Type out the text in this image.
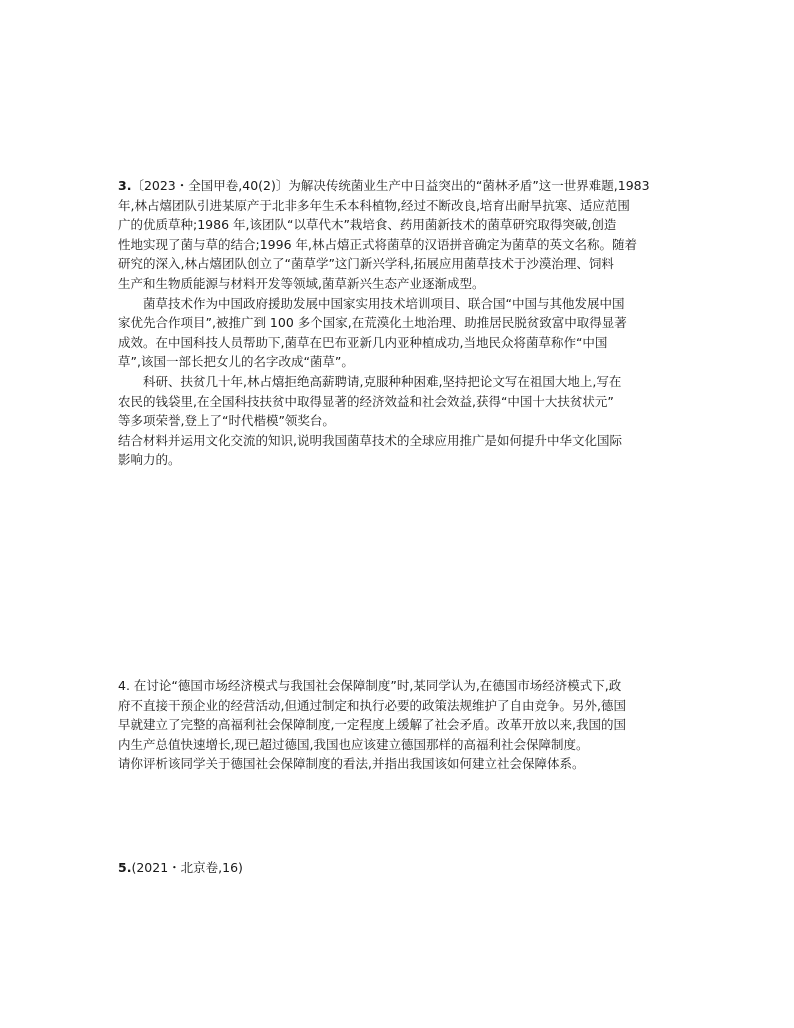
3.〔2023・全国甲卷,40(2)〕为解决传统菌业生产中日益突出的“菌林矛盾”这一世界难题,1983
年,林占熺团队引进某原产于北非多年生禾本科植物,经过不断改良,培育出耐旱抗寒、适应范围
广的优质草种;1986 年,该团队“以草代木”栽培食、药用菌新技术的菌草研究取得突破,创造
性地实现了菌与草的结合;1996 年,林占熺正式将菌草的汉语拼音确定为菌草的英文名称。随着
研究的深入,林占熺团队创立了“菌草学”这门新兴学科,拓展应用菌草技术于沙漠治理、饲料
生产和生物质能源与材料开发等领域,菌草新兴生态产业逐渐成型。
菌草技术作为中国政府援助发展中国家实用技术培训项目、联合国“中国与其他发展中国
家优先合作项目”,被推广到 100 多个国家,在荒漠化土地治理、助推居民脱贫致富中取得显著
成效。在中国科技人员帮助下,菌草在巴布亚新几内亚种植成功,当地民众将菌草称作“中国
草”,该国一部长把女儿的名字改成“菌草”。
科研、扶贫几十年,林占熺拒绝高薪聘请,克服种种困难,坚持把论文写在祖国大地上,写在
农民的钱袋里,在全国科技扶贫中取得显著的经济效益和社会效益,获得“中国十大扶贫状元”
等多项荣誉,登上了“时代楷模”领奖台。
结合材料并运用文化交流的知识,说明我国菌草技术的全球应用推广是如何提升中华文化国际
影响力的。
4. 在讨论“德国市场经济模式与我国社会保障制度”时,某同学认为,在德国市场经济模式下,政
府不直接干预企业的经营活动,但通过制定和执行必要的政策法规维护了自由竞争。另外,德国
早就建立了完整的高福利社会保障制度,一定程度上缓解了社会矛盾。改革开放以来,我国的国
内生产总值快速增长,现已超过德国,我国也应该建立德国那样的高福利社会保障制度。
请你评析该同学关于德国社会保障制度的看法,并指出我国该如何建立社会保障体系。
5.(2021・北京卷,16)
